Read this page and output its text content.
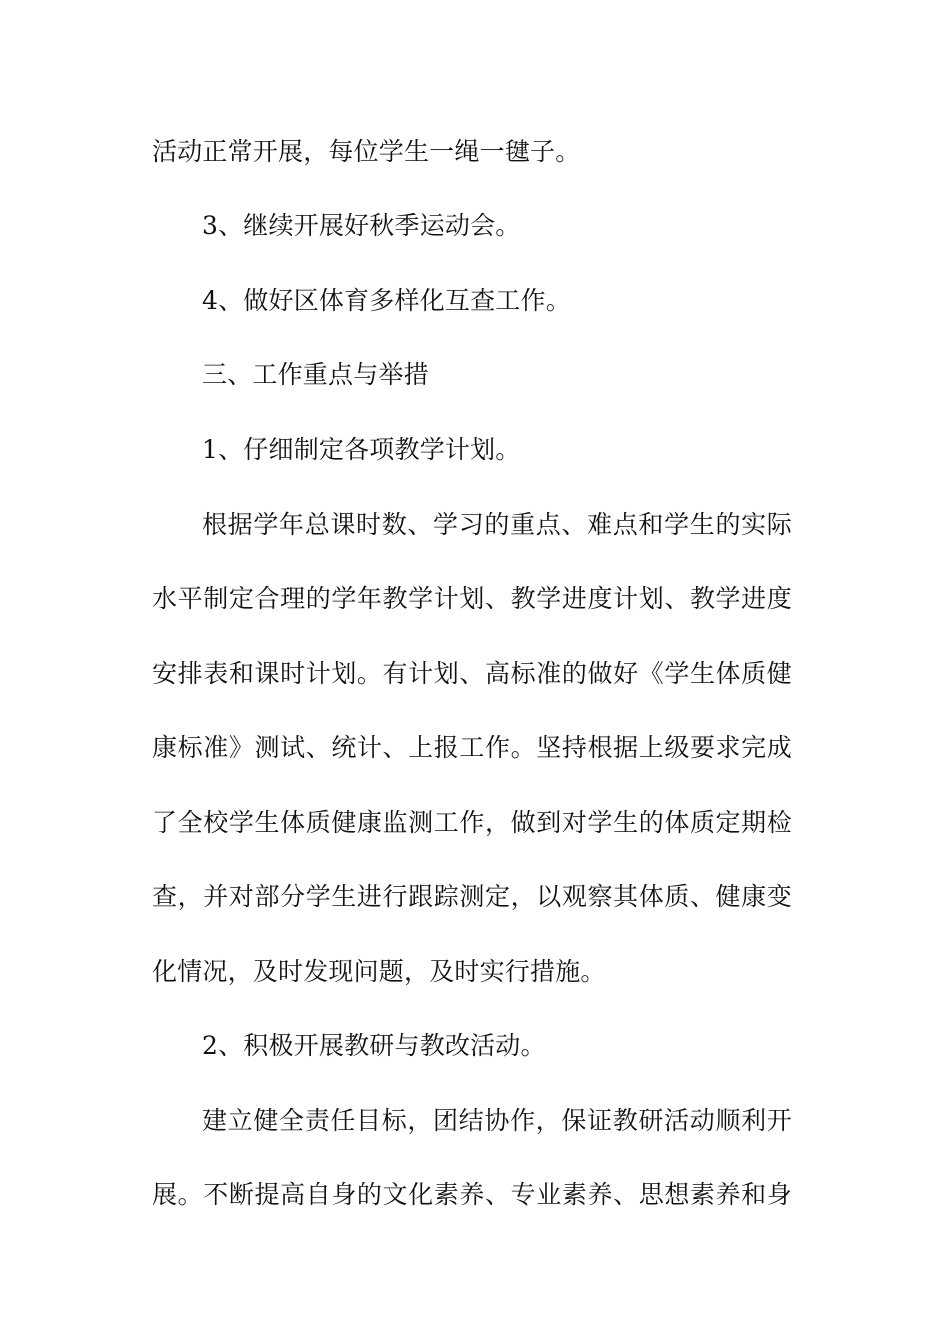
活动正常开展，每位学生一绳一毽子。
3、继续开展好秋季运动会。
4、做好区体育多样化互查工作。
三、工作重点与举措
1、仔细制定各项教学计划。
根据学年总课时数、学习的重点、难点和学生的实际
水平制定合理的学年教学计划、教学进度计划、教学进度
安排表和课时计划。有计划、高标准的做好《学生体质健
康标准》测试、统计、上报工作。坚持根据上级要求完成
了全校学生体质健康监测工作，做到对学生的体质定期检
查，并对部分学生进行跟踪测定，以观察其体质、健康变
化情况，及时发现问题，及时实行措施。
2、积极开展教研与教改活动。
建立健全责任目标，团结协作，保证教研活动顺利开
展。不断提高自身的文化素养、专业素养、思想素养和身
